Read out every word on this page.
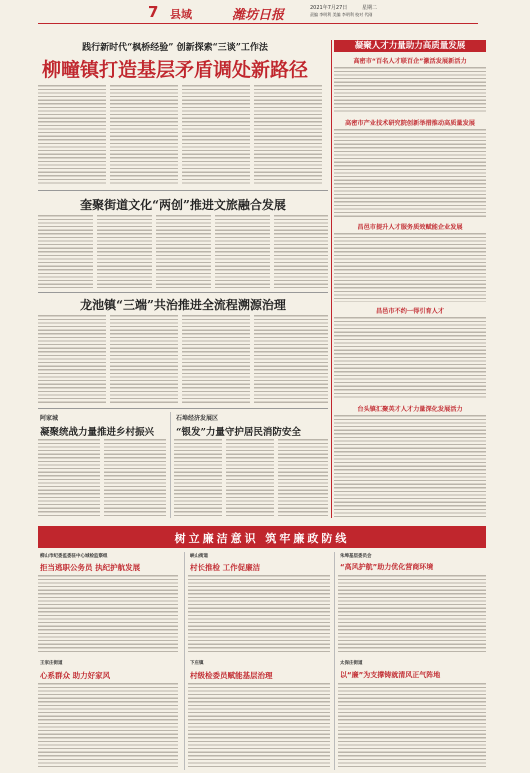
7 县域	潍坊日报	2021年7月27日	星期二
责编 李明利 美编 李明利 校对 代刚
践行新时代“枫桥经验” 创新探索“三谈”工作法
柳疃镇打造基层矛盾调处新路径
奎聚街道文化“两创”推进文旅融合发展
龙池镇“三端”共治推进全流程溯源治理
阿家城
凝聚统战力量推进乡村振兴
石埠经济发展区
“银发”力量守护居民消防安全
凝聚人才力量助力高质量发展
高密市“百名人才联百企”激活发展新活力
高密市产业技术研究院创新举措推动高质量发展
昌邑市提升人才服务质效赋能企业发展
昌邑市不约一得引育人才
台头镇汇聚英才人才力量深化发展活力
树立廉洁意识 筑牢廉政防线
柳山市纪委监委驻中心城检监察组
拒当逃职公务员 执纪护航发展
王家庄街道
心系群众 助力好家风
峡山街道
村长推检 工作促廉洁
下庄镇
村级检委员赋能基层治理
朱埠基层委员会
“高风护航”助力优化营商环境
太保庄街道
以“廉”为支撑铸就清风正气阵地
